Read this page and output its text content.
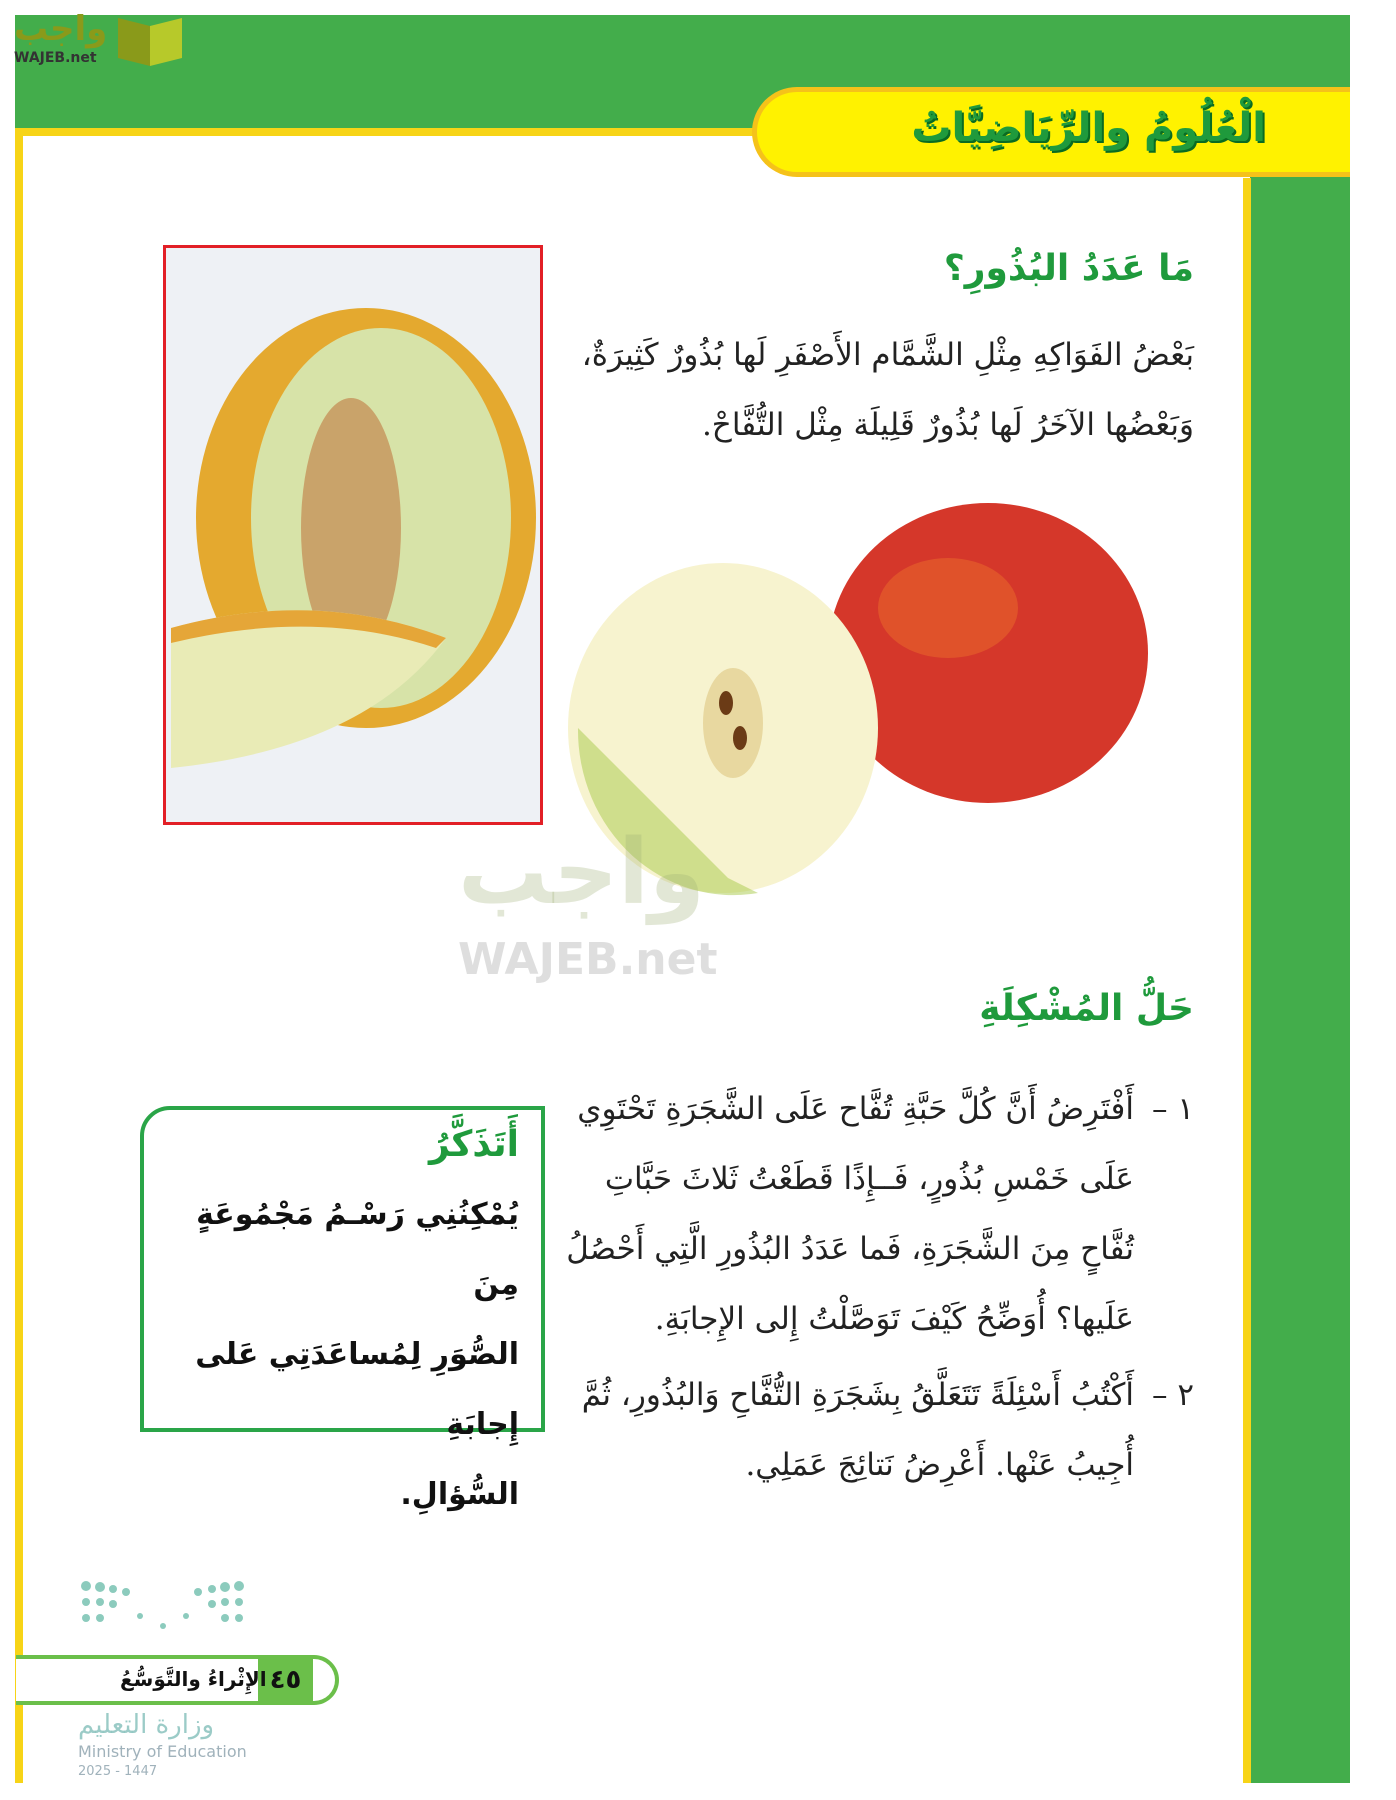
واجب
WAJEB.net
الْعُلُومُ والرِّيَاضِيَّاتُ
مَا عَدَدُ البُذُورِ؟
بَعْضُ الفَوَاكِهِ مِثْلِ الشَّمَّام الأَصْفَرِ لَها بُذُورٌ كَثِيرَةٌ،
وَبَعْضُها الآخَرُ لَها بُذُورٌ قَلِيلَة مِثْل التُّفَّاحْ.
واجب
WAJEB.net
حَلُّ المُشْكِلَةِ
١ –
أَفْتَرِضُ أَنَّ كُلَّ حَبَّةِ تُفَّاح عَلَى الشَّجَرَةِ تَحْتَوِي
عَلَى خَمْسِ بُذُورٍ، فَــإِذًا قَطَعْتُ ثَلاثَ حَبَّاتِ
تُفَّاحٍ مِنَ الشَّجَرَةِ، فَما عَدَدُ البُذُورِ الَّتِي أَحْصُلُ
عَلَيها؟ أُوَضِّحُ كَيْفَ تَوَصَّلْتُ إِلى الإِجابَةِ.
٢ –
أَكْتُبُ أَسْئِلَةً تَتَعَلَّقُ بِشَجَرَةِ التُّفَّاحِ وَالبُذُورِ، ثُمَّ
أُجِيبُ عَنْها. أَعْرِضُ نَتائِجَ عَمَلِي.
أَتَذَكَّرُ
يُمْكِنُنِي رَسْـمُ مَجْمُوعَةٍ مِنَ
الصُّوَرِ لِمُساعَدَتِي عَلى إِجابَةِ
السُّؤالِ.
٤٥
الإِثْراءُ والتَّوَسُّعُ
وزارة التعليم
Ministry of Education
2025 - 1447
